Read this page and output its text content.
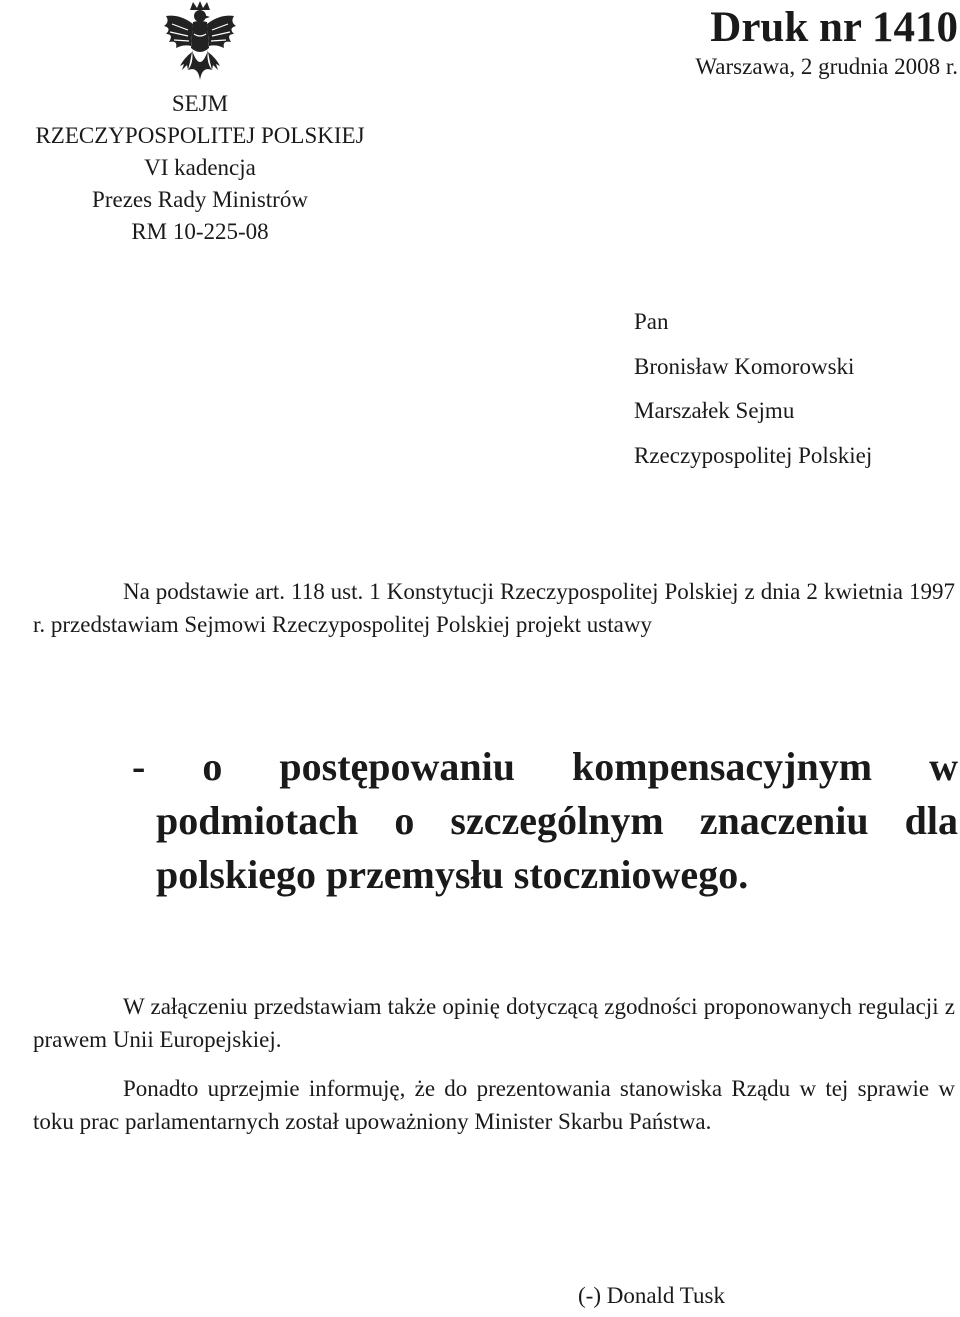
SEJM
RZECZYPOSPOLITEJ POLSKIEJ
VI kadencja
Prezes Rady Ministrów
RM 10-225-08
Druk nr 1410
Warszawa, 2 grudnia 2008 r.
Pan
Bronisław Komorowski
Marszałek Sejmu
Rzeczypospolitej Polskiej
Na podstawie art. 118 ust. 1 Konstytucji Rzeczypospolitej Polskiej z dnia 2 kwietnia 1997 r. przedstawiam Sejmowi Rzeczypospolitej Polskiej projekt ustawy
- o postępowaniu kompensacyjnym w podmiotach o szczególnym znaczeniu dla polskiego przemysłu stoczniowego.
W załączeniu przedstawiam także opinię dotyczącą zgodności proponowanych regulacji z prawem Unii Europejskiej.
Ponadto uprzejmie informuję, że do prezentowania stanowiska Rządu w tej sprawie w toku prac parlamentarnych został upoważniony Minister Skarbu Państwa.
(-) Donald Tusk
